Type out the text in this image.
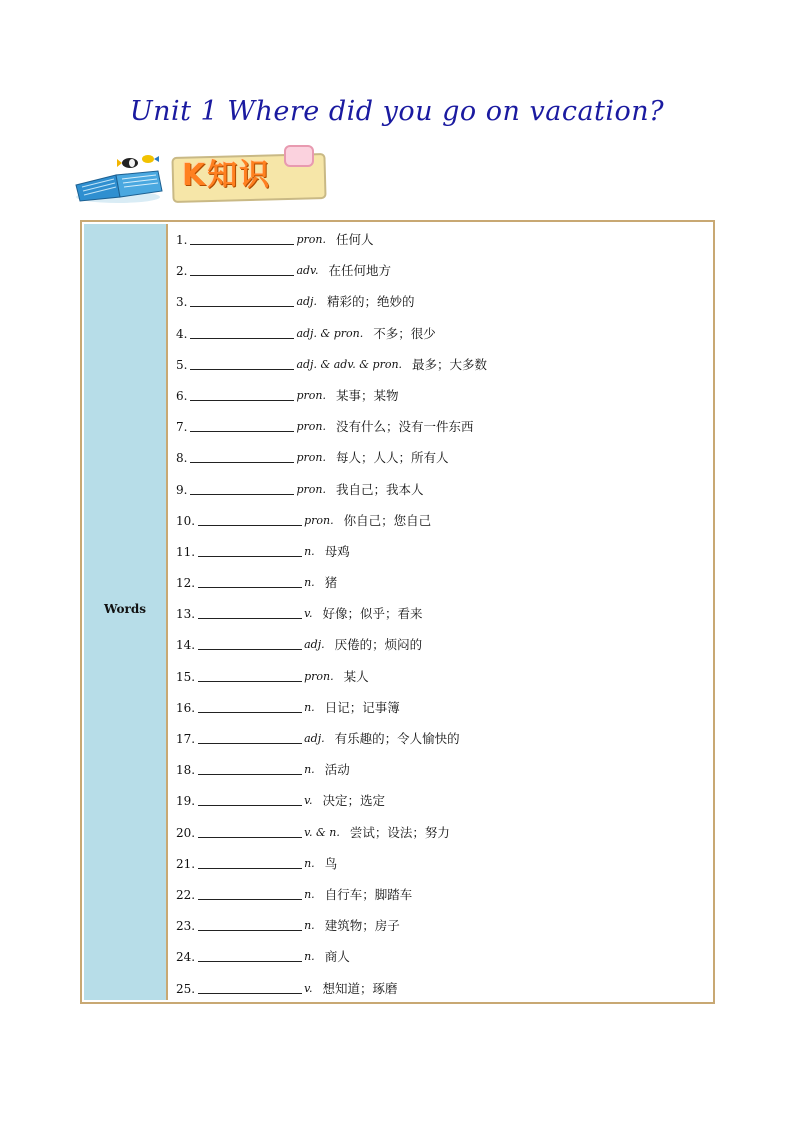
Unit 1 Where did you go on vacation?
K知识
Words
1.	pron. 任何人
2.	adv. 在任何地方
3.	adj. 精彩的；绝妙的
4.	adj. & pron. 不多；很少
5.	adj. & adv. & pron. 最多；大多数
6.	pron. 某事；某物
7.	pron. 没有什么；没有一件东西
8.	pron. 每人；人人；所有人
9.	pron. 我自己；我本人
10.	pron. 你自己；您自己
11.	n. 母鸡
12.	n. 猪
13.	v. 好像；似乎；看来
14.	adj. 厌倦的；烦闷的
15.	pron. 某人
16.	n. 日记；记事簿
17.	adj. 有乐趣的；令人愉快的
18.	n. 活动
19.	v. 决定；选定
20.	v. & n. 尝试；设法；努力
21.	n. 鸟
22.	n. 自行车；脚踏车
23.	n. 建筑物；房子
24.	n. 商人
25.	v. 想知道；琢磨
